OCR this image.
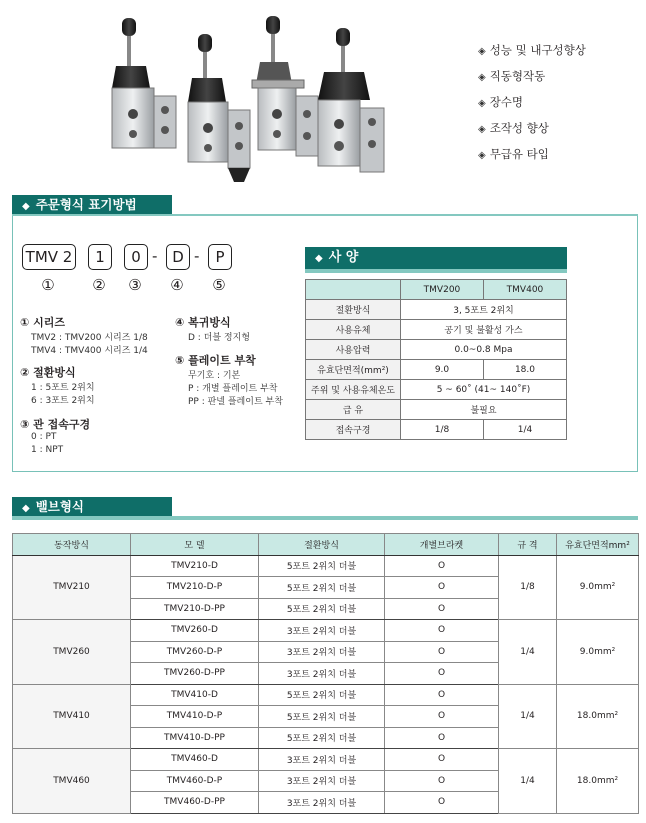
◈ 성능 및 내구성향상
◈ 직동형작동
◈ 장수명
◈ 조작성 향상
◈ 무급유 타입
◆ 주문형식 표기방법
TMV 2	1	0 - D -	P
①	② ③ ④ ⑤
① 시리즈
TMV2 : TMV200 시리즈 1/8
TMV4 : TMV400 시리즈 1/4
② 절환방식
1 : 5포트 2위치
6 : 3포트 2위치
③ 관 접속구경
0 : PT
1 : NPT
④ 복귀방식
D : 더블 정지형
⑤ 플레이트 부착
무기호 : 기본
P : 개별 플레이트 부착
PP : 판넬 플레이트 부착
◆ 사 양
	TMV200	TMV400
절환방식	3, 5포트 2위치	
사용유체	공기 및 불활성 가스	
사용압력	0.0~0.8 Mpa	
유효단면적(mm²)	9.0	18.0
주위 및 사용유체온도	5 ~ 60˚ (41~ 140˚F)	
급 유	불필요	
접속구경	1/8	1/4
◆ 밸브형식
동작방식	모 델	절환방식	개별브라켓	규 격	유효단면적mm²
TMV210	TMV210-D	5포트 2위치 더블	O	1/8	9.0mm²
	TMV210-D-P	5포트 2위치 더블	O		
	TMV210-D-PP	5포트 2위치 더블	O		
TMV260	TMV260-D	3포트 2위치 더블	O	1/4	9.0mm²
	TMV260-D-P	3포트 2위치 더블	O		
	TMV260-D-PP	3포트 2위치 더블	O		
TMV410	TMV410-D	5포트 2위치 더블	O	1/4	18.0mm²
	TMV410-D-P	5포트 2위치 더블	O		
	TMV410-D-PP	5포트 2위치 더블	O		
TMV460	TMV460-D	3포트 2위치 더블	O	1/4	18.0mm²
	TMV460-D-P	3포트 2위치 더블	O		
	TMV460-D-PP	3포트 2위치 더블	O		
